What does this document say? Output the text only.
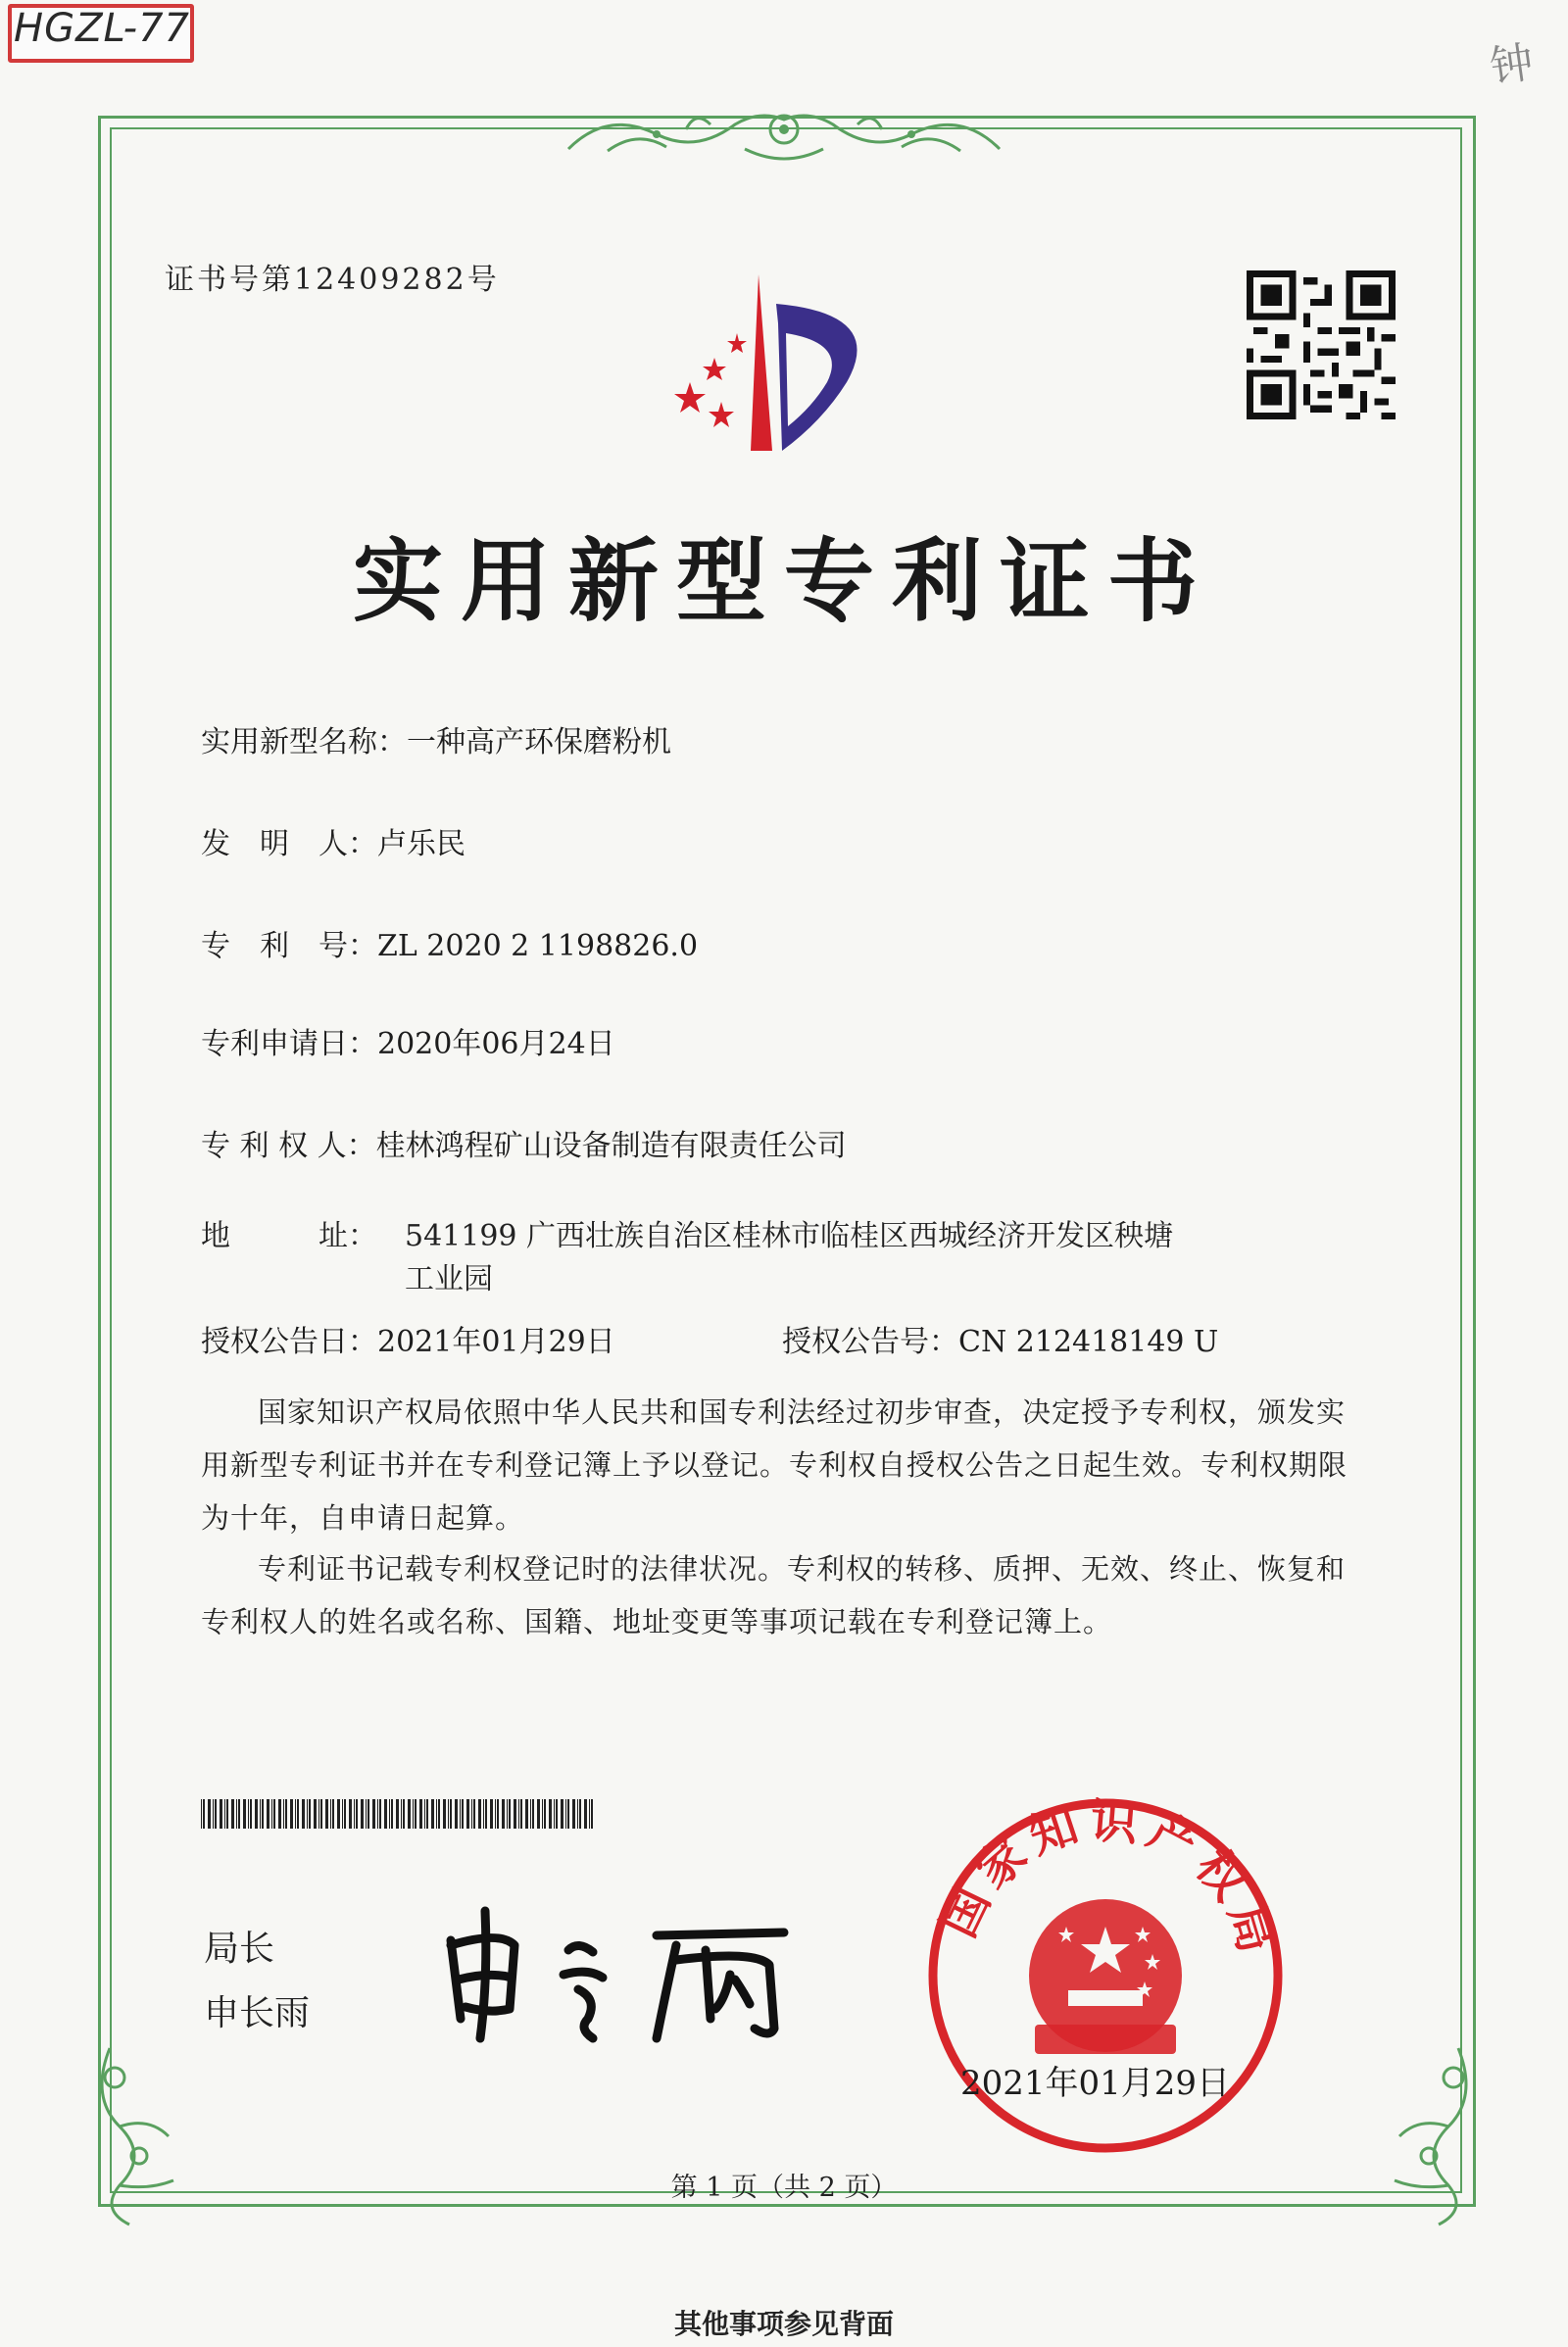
HGZL-77
钟
证书号第12409282号
实用新型专利证书
实用新型名称：一种高产环保磨粉机
发　明　人：卢乐民
专　利　号：ZL 2020 2 1198826.0
专利申请日：2020年06月24日
专 利 权 人：桂林鸿程矿山设备制造有限责任公司
地　　　址： 541199 广西壮族自治区桂林市临桂区西城经济开发区秧塘工业园
授权公告日：2021年01月29日	授权公告号：CN 212418149 U
国家知识产权局依照中华人民共和国专利法经过初步审查，决定授予专利权，颁发实用新型专利证书并在专利登记簿上予以登记。专利权自授权公告之日起生效。专利权期限为十年，自申请日起算。
专利证书记载专利权登记时的法律状况。专利权的转移、质押、无效、终止、恢复和专利权人的姓名或名称、国籍、地址变更等事项记载在专利登记簿上。
局长
申长雨
国家知识产权局
2021年01月29日
第 1 页（共 2 页）
其他事项参见背面
